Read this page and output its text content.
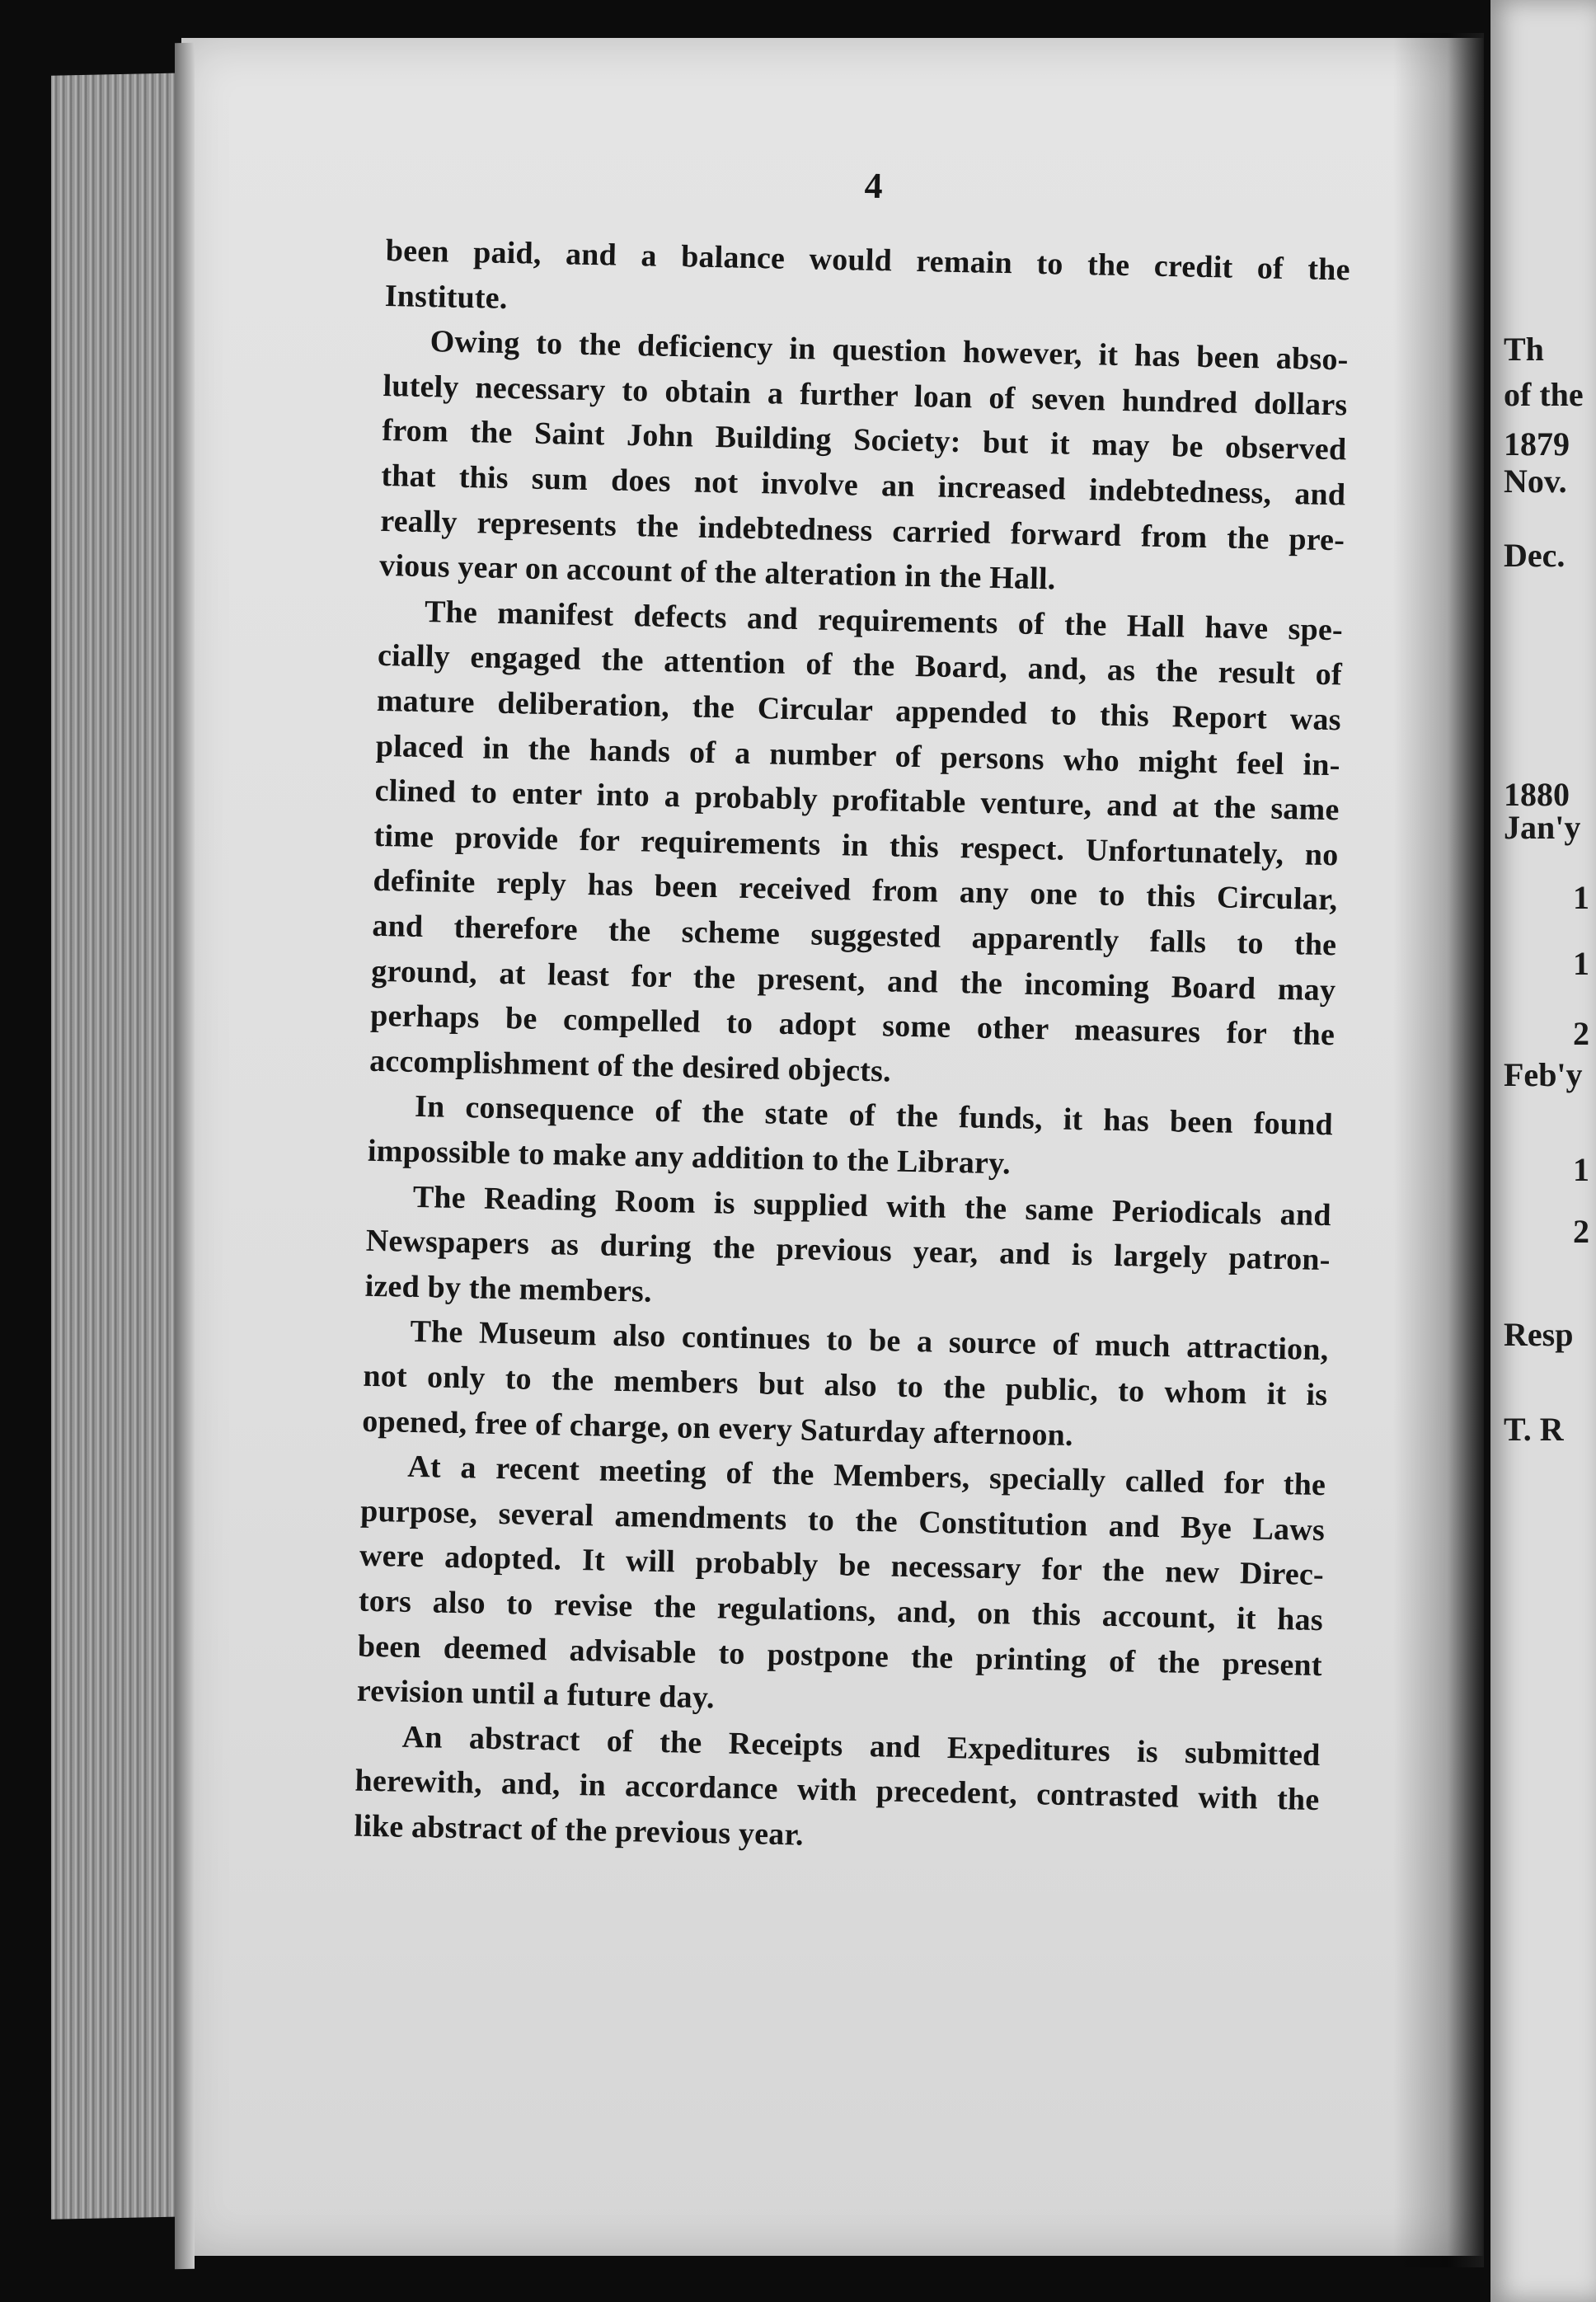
Th
of the
1879
Nov.
Dec.
1880
Jan'y
1
1
2
Feb'y
1
2
Resp
T. R
4
been paid, and a balance would remain to the credit of the
Institute.
Owing to the deficiency in question however, it has been abso-
lutely necessary to obtain a further loan of seven hundred dollars
from the Saint John Building Society: but it may be observed
that this sum does not involve an increased indebtedness, and
really represents the indebtedness carried forward from the pre-
vious year on account of the alteration in the Hall.
The manifest defects and requirements of the Hall have spe-
cially engaged the attention of the Board, and, as the result of
mature deliberation, the Circular appended to this Report was
placed in the hands of a number of persons who might feel in-
clined to enter into a probably profitable venture, and at the same
time provide for requirements in this respect. Unfortunately, no
definite reply has been received from any one to this Circular,
and therefore the scheme suggested apparently falls to the
ground, at least for the present, and the incoming Board may
perhaps be compelled to adopt some other measures for the
accomplishment of the desired objects.
In consequence of the state of the funds, it has been found
impossible to make any addition to the Library.
The Reading Room is supplied with the same Periodicals and
Newspapers as during the previous year, and is largely patron-
ized by the members.
The Museum also continues to be a source of much attraction,
not only to the members but also to the public, to whom it is
opened, free of charge, on every Saturday afternoon.
At a recent meeting of the Members, specially called for the
purpose, several amendments to the Constitution and Bye Laws
were adopted. It will probably be necessary for the new Direc-
tors also to revise the regulations, and, on this account, it has
been deemed advisable to postpone the printing of the present
revision until a future day.
An abstract of the Receipts and Expeditures is submitted
herewith, and, in accordance with precedent, contrasted with the
like abstract of the previous year.
